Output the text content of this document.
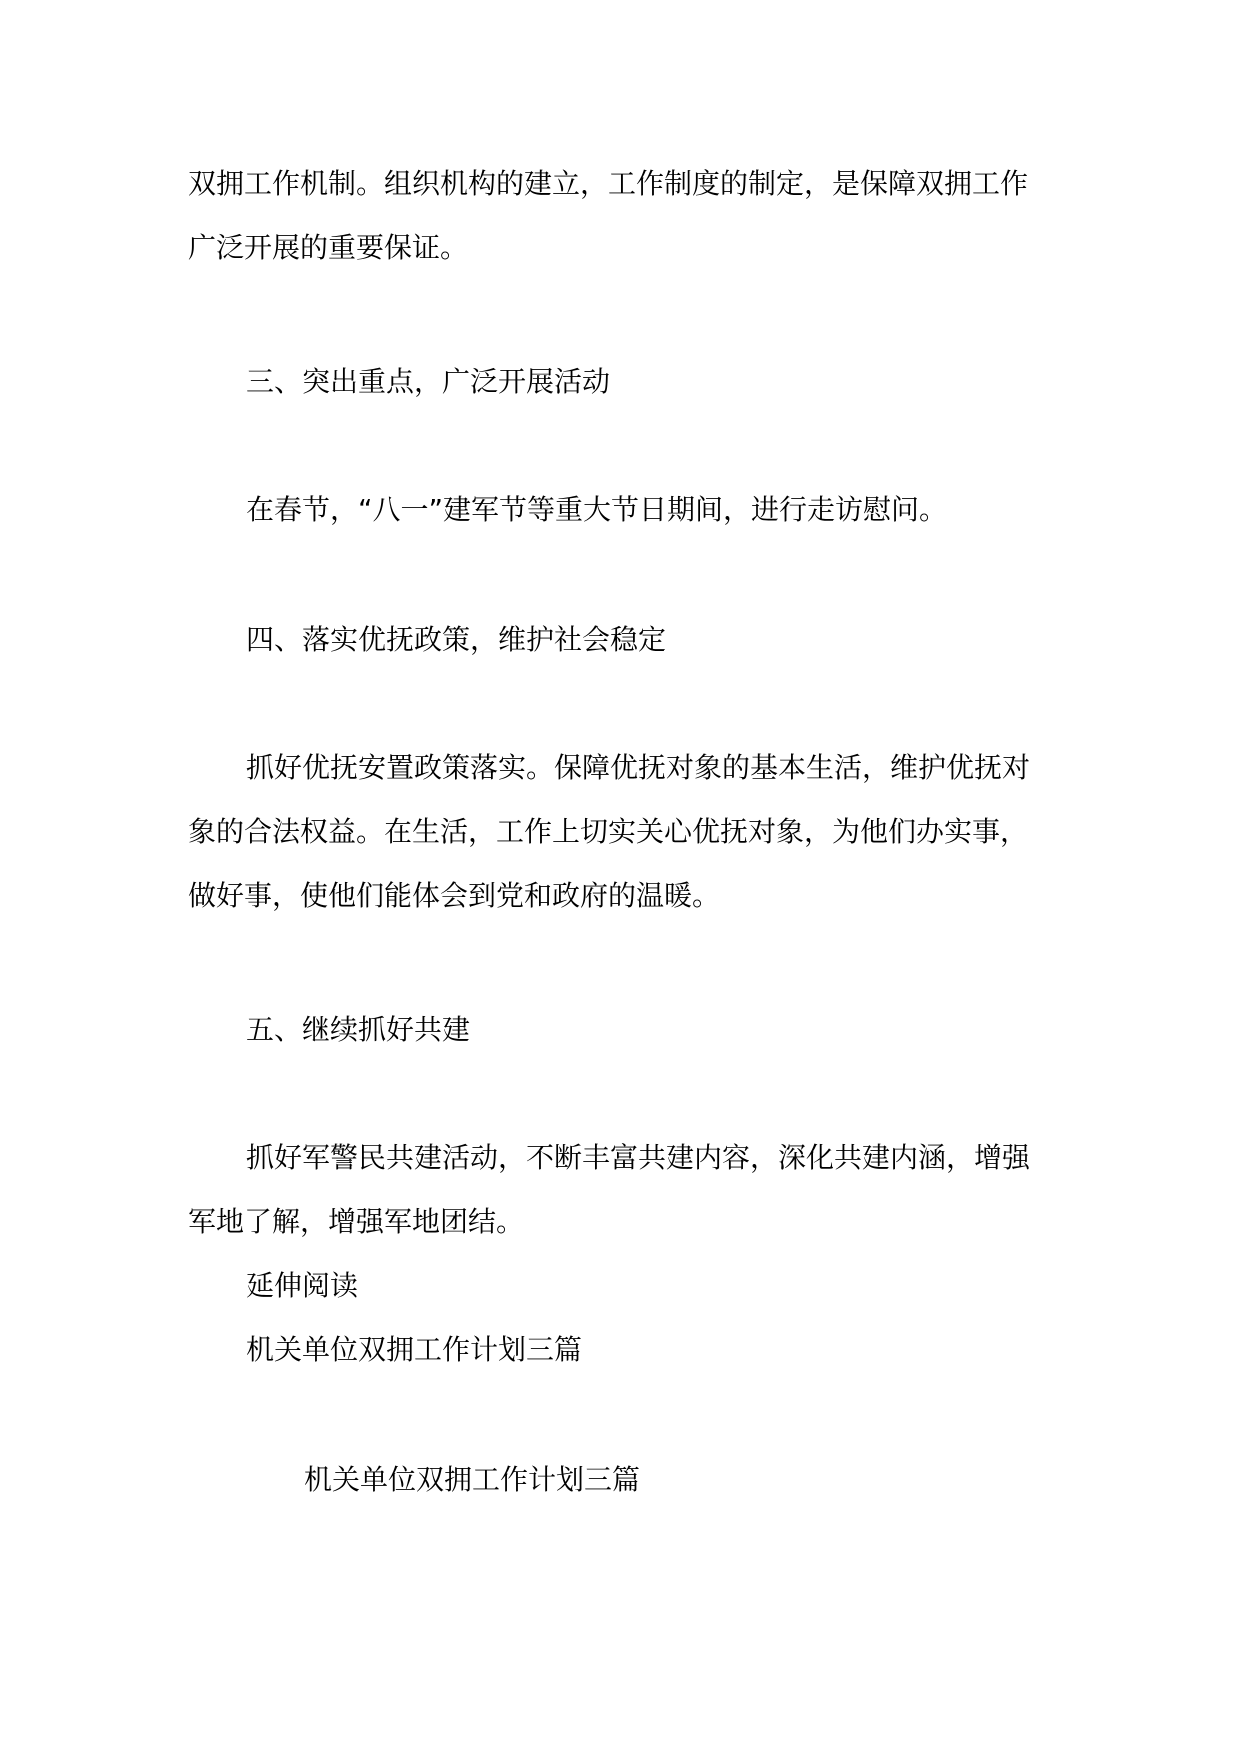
双拥工作机制。组织机构的建立，工作制度的制定，是保障双拥工作
广泛开展的重要保证。
三、突出重点，广泛开展活动
在春节，“八一”建军节等重大节日期间，进行走访慰问。
四、落实优抚政策，维护社会稳定
抓好优抚安置政策落实。保障优抚对象的基本生活，维护优抚对
象的合法权益。在生活，工作上切实关心优抚对象，为他们办实事，
做好事，使他们能体会到党和政府的温暖。
五、继续抓好共建
抓好军警民共建活动，不断丰富共建内容，深化共建内涵，增强
军地了解，增强军地团结。
延伸阅读
机关单位双拥工作计划三篇
机关单位双拥工作计划三篇
